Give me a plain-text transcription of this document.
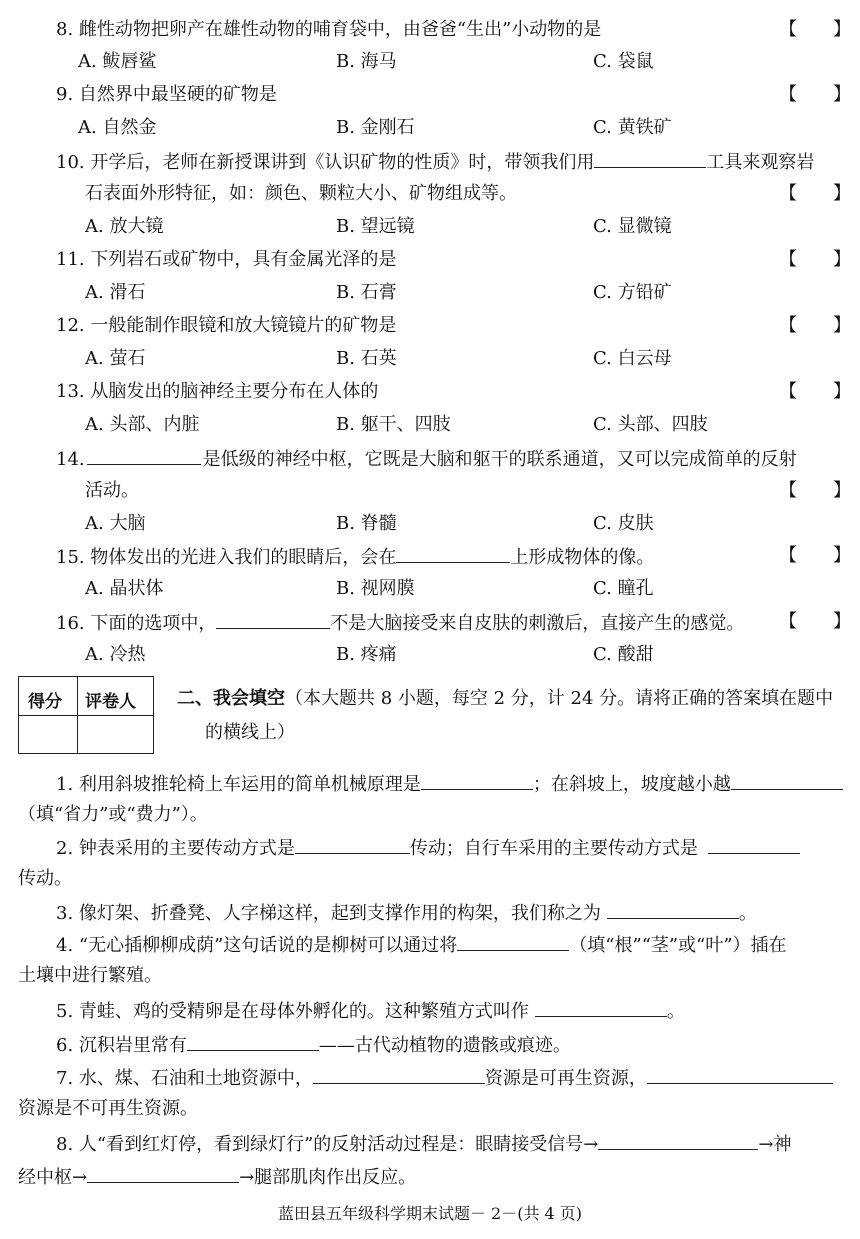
8. 雌性动物把卵产在雄性动物的哺育袋中，由爸爸“生出”小动物的是	【 】
A. 鲅唇鲨	B. 海马	C. 袋鼠
9. 自然界中最坚硬的矿物是	【 】
A. 自然金	B. 金刚石	C. 黄铁矿
10. 开学后，老师在新授课讲到《认识矿物的性质》时，带领我们用	工具来观察岩
石表面外形特征，如：颜色、颗粒大小、矿物组成等。	【 】
A. 放大镜	B. 望远镜	C. 显微镜
11. 下列岩石或矿物中，具有金属光泽的是	【 】
A. 滑石	B. 石膏	C. 方铅矿
12. 一般能制作眼镜和放大镜镜片的矿物是	【 】
A. 萤石	B. 石英	C. 白云母
13. 从脑发出的脑神经主要分布在人体的	【 】
A. 头部、内脏	B. 躯干、四肢	C. 头部、四肢
14.	是低级的神经中枢，它既是大脑和躯干的联系通道，又可以完成简单的反射
活动。	【 】
A. 大脑	B. 脊髓	C. 皮肤
15. 物体发出的光进入我们的眼睛后，会在	上形成物体的像。	【 】
A. 晶状体	B. 视网膜	C. 瞳孔
16. 下面的选项中，	不是大脑接受来自皮肤的刺激后，直接产生的感觉。 【 】
A. 冷热	B. 疼痛	C. 酸甜
得分 评卷人 二、我会填空（本大题共 8 小题，每空 2 分，计 24 分。请将正确的答案填在题中
的横线上）
1. 利用斜坡推轮椅上车运用的简单机械原理是	；在斜坡上，坡度越小越
（填“省力”或“费力”）。
2. 钟表采用的主要传动方式是	传动；自行车采用的主要传动方式是
传动。
3. 像灯架、折叠凳、人字梯这样，起到支撑作用的构架，我们称之为	。
4. “无心插柳柳成荫”这句话说的是柳树可以通过将	（填“根”“茎”或“叶”）插在
土壤中进行繁殖。
5. 青蛙、鸡的受精卵是在母体外孵化的。这种繁殖方式叫作	。
6. 沉积岩里常有	——古代动植物的遗骸或痕迹。
7. 水、煤、石油和土地资源中，	资源是可再生资源，
资源是不可再生资源。
8. 人“看到红灯停，看到绿灯行”的反射活动过程是：眼睛接受信号→	→神
经中枢→	→腿部肌肉作出反应。
蓝田县五年级科学期末试题－ 2－(共 4 页)
